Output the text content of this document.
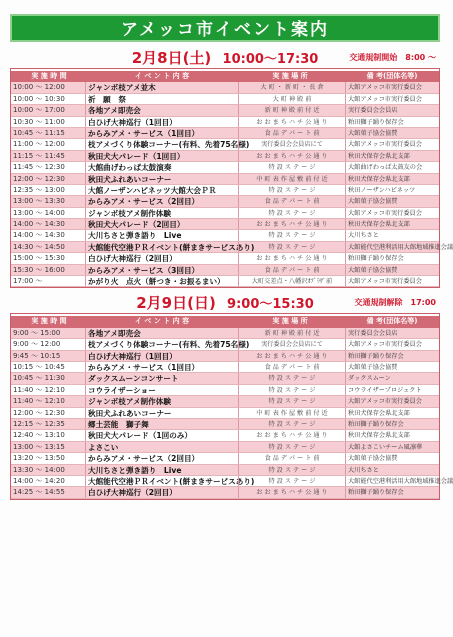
アメッコ市イベント案内
2月8日(土) 10:00～17:30	交通規制開始　8:00 ～
実 施 時 間	イ ベ ン ト 内 容	実 施 場 所	備 考(団体名等)
10:00 ～ 12:00	ジャンボ枝アメ並木	大 町 ・ 新 町 ・ 長 倉	大館アメッコ市実行委員会
10:00 ～ 10:30	祈　願　祭	大 町 神 殿 前	大館アメッコ市実行委員会
10:00 ～ 17:00	各地アメ即売会	新 町 神 殿 前 付 近	実行委員会会員店
10:30 ～ 11:00	白ひげ大神巡行（1回目）	お お ま ち ハ チ 公 通 り	粕田獅子踊り保存会
10:45 ～ 11:15	からみアメ・サービス（1回目）	食 品 デ パ ー ト 前	大館菓子協会協賛
11:00 ～ 12:00	枝アメづくり体験コーナー(有料、先着75名様)	実行委員会会員店にて	大館アメッコ市実行委員会
11:15 ～ 11:45	秋田犬大パレード（1回目）	お お ま ち ハ チ 公 通 り	秋田犬保存会県北支部
11:45 ～ 12:30	大館曲げわっぱ太鼓演奏	特 設 ス テ ー ジ	大館曲げわっぱ太鼓友の会
12:00 ～ 12:30	秋田犬ふれあいコーナー	中 町 表 作 屋 敷 前 付 近	秋田犬保存会県北支部
12:35 ～ 13:00	大館ノーザンハピネッツ大館大会ＰＲ	特 設 ス テ ー ジ	秋田ノーザンハピネッツ
13:00 ～ 13:30	からみアメ・サービス（2回目）	食 品 デ パ ー ト 前	大館菓子協会協賛
13:00 ～ 14:00	ジャンボ枝アメ制作体験	特 設 ス テ ー ジ	大館アメッコ市実行委員会
14:00 ～ 14:30	秋田犬大パレード（2回目）	お お ま ち ハ チ 公 通 り	秋田犬保存会県北支部
14:00 ～ 14:30	大川ちさと弾き語り　Live	特 設 ス テ ー ジ	大川ちさと
14:30 ～ 14:50	大館能代空港ＰＲイベント(餅まきサービスあり)	特 設 ス テ ー ジ	大館能代空港利活用大館地域推進会議
15:00 ～ 15:30	白ひげ大神巡行（2回目）	お お ま ち ハ チ 公 通 り	粕田獅子踊り保存会
15:30 ～ 16:00	からみアメ・サービス（3回目）	食 品 デ パ ー ト 前	大館菓子協会協賛
17:00 ～	かがり火　点火（餅つき・お振るまい）	大町交差点・八幡沢ｵﾌﾟﾗｻﾞ前	大館アメッコ市実行委員会
2月9日(日) 9:00～15:30	交通規制解除　17:00
実 施 時 間	イ ベ ン ト 内 容	実 施 場 所	備 考(団体名等)
9:00 ～ 15:00	各地アメ即売会	新 町 神 殿 前 付 近	実行委員会会員店
9:00 ～ 12:00	枝アメづくり体験コーナー(有料、先着75名様)	実行委員会会員店にて	大館アメッコ市実行委員会
9:45 ～ 10:15	白ひげ大神巡行（1回目）	お お ま ち ハ チ 公 通 り	粕田獅子踊り保存会
10:15 ～ 10:45	からみアメ・サービス（1回目）	食 品 デ パ ー ト 前	大館菓子協会協賛
10:45 ～ 11:30	ダックスムーンコンサート	特 設 ス テ ー ジ	ダックスムーン
11:40 ～ 12:10	コウライザーショー	特 設 ス テ ー ジ	コウライザープロジェクト
11:40 ～ 12:10	ジャンボ枝アメ制作体験	特 設 ス テ ー ジ	大館アメッコ市実行委員会
12:00 ～ 12:30	秋田犬ふれあいコーナー	中 町 表 作 屋 敷 前 付 近	秋田犬保存会県北支部
12:15 ～ 12:35	郷土芸能　獅子舞	特 設 ス テ ー ジ	粕田獅子踊り保存会
12:40 ～ 13:10	秋田犬大パレード（1回のみ）	お お ま ち ハ チ 公 通 り	秋田犬保存会県北支部
13:00 ～ 13:15	よさこい	特 設 ス テ ー ジ	大館よさこいチーム風凛華
13:20 ～ 13:50	からみアメ・サービス（2回目）	食 品 デ パ ー ト 前	大館菓子協会協賛
13:30 ～ 14:00	大川ちさと弾き語り　Live	特 設 ス テ ー ジ	大川ちさと
14:00 ～ 14:20	大館能代空港ＰＲイベント(餅まきサービスあり)	特 設 ス テ ー ジ	大館能代空港利活用大館地域推進会議
14:25 ～ 14:55	白ひげ大神巡行（2回目）	お お ま ち ハ チ 公 通 り	粕田獅子踊り保存会
